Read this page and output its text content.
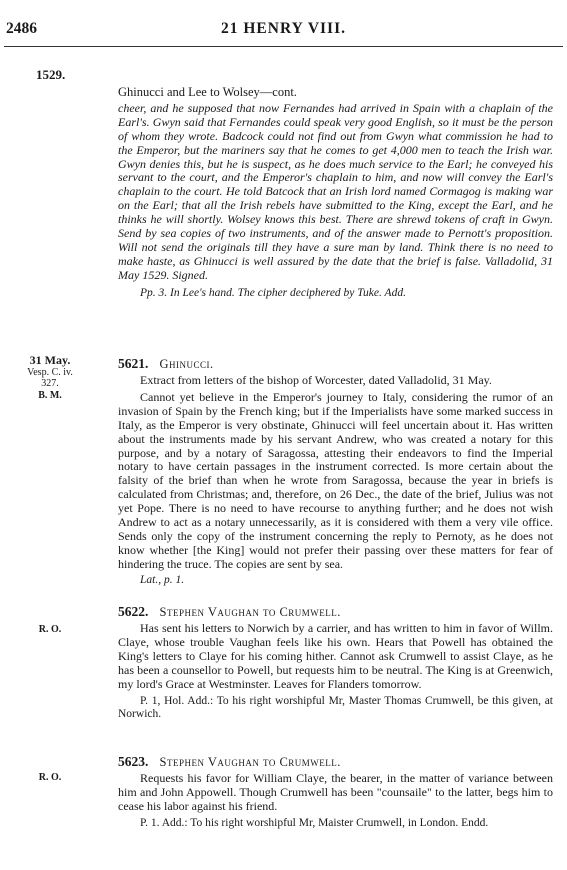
2486	21 HENRY VIII.
1529.

Ghinucci and Lee to Wolsey—cont.

cheer, and he supposed that now Fernandes had arrived in Spain with a chaplain of the Earl's. Gwyn said that Fernandes could speak very good English, so it must be the person of whom they wrote. Badcock could not find out from Gwyn what commission he had to the Emperor, but the mariners say that he comes to get 4,000 men to teach the Irish war. Gwyn denies this, but he is suspect, as he does much service to the Earl; he conveyed his servant to the court, and the Emperor's chaplain to him, and now will convey the Earl's chaplain to the court. He told Batcock that an Irish lord named Cormagog is making war on the Earl; that all the Irish rebels have submitted to the King, except the Earl, and he thinks he will shortly. Wolsey knows this best. There are shrewd tokens of craft in Gwyn. Send by sea copies of two instruments, and of the answer made to Pernott's proposition. Will not send the originals till they have a sure man by land. Think there is no need to make haste, as Ghinucci is well assured by the date that the brief is false. Valladolid, 31 May 1529. Signed.

Pp. 3. In Lee's hand. The cipher deciphered by Tuke. Add.

31 May.
Vesp. C. iv.
327.
B. M.
5621. Ghinucci.

Extract from letters of the bishop of Worcester, dated Valladolid, 31 May.

Cannot yet believe in the Emperor's journey to Italy, considering the rumor of an invasion of Spain by the French king; but if the Imperialists have some marked success in Italy, as the Emperor is very obstinate, Ghinucci will feel uncertain about it. Has written about the instruments made by his servant Andrew, who was created a notary for this purpose, and by a notary of Saragossa, attesting their endeavors to find the Imperial notary to have certain passages in the instrument corrected. Is more certain about the falsity of the brief than when he wrote from Saragossa, because the year in briefs is calculated from Christmas; and, therefore, on 26 Dec., the date of the brief, Julius was not yet Pope. There is no need to have recourse to anything further; and he does not wish Andrew to act as a notary unnecessarily, as it is considered with them a very vile office. Sends only the copy of the instrument concerning the reply to Pernoty, as he does not know whether [the King] would not prefer their passing over these matters for fear of hindering the truce. The copies are sent by sea.

Lat., p. 1.

R. O.
5622. Stephen Vaughan to Crumwell.

Has sent his letters to Norwich by a carrier, and has written to him in favor of Willm. Claye, whose trouble Vaughan feels like his own. Hears that Powell has obtained the King's letters to Claye for his coming hither. Cannot ask Crumwell to assist Claye, as he has been a counsellor to Powell, but requests him to be neutral. The King is at Greenwich, my lord's Grace at Westminster. Leaves for Flanders tomorrow.

P. 1, Hol. Add.: To his right worshipful Mr, Master Thomas Crumwell, be this given, at Norwich.

R. O.
5623. Stephen Vaughan to Crumwell.

Requests his favor for William Claye, the bearer, in the matter of variance between him and John Appowell. Though Crumwell has been "counsaile" to the latter, begs him to cease his labor against his friend.

P. 1. Add.: To his right worshipful Mr, Maister Crumwell, in London. Endd.
